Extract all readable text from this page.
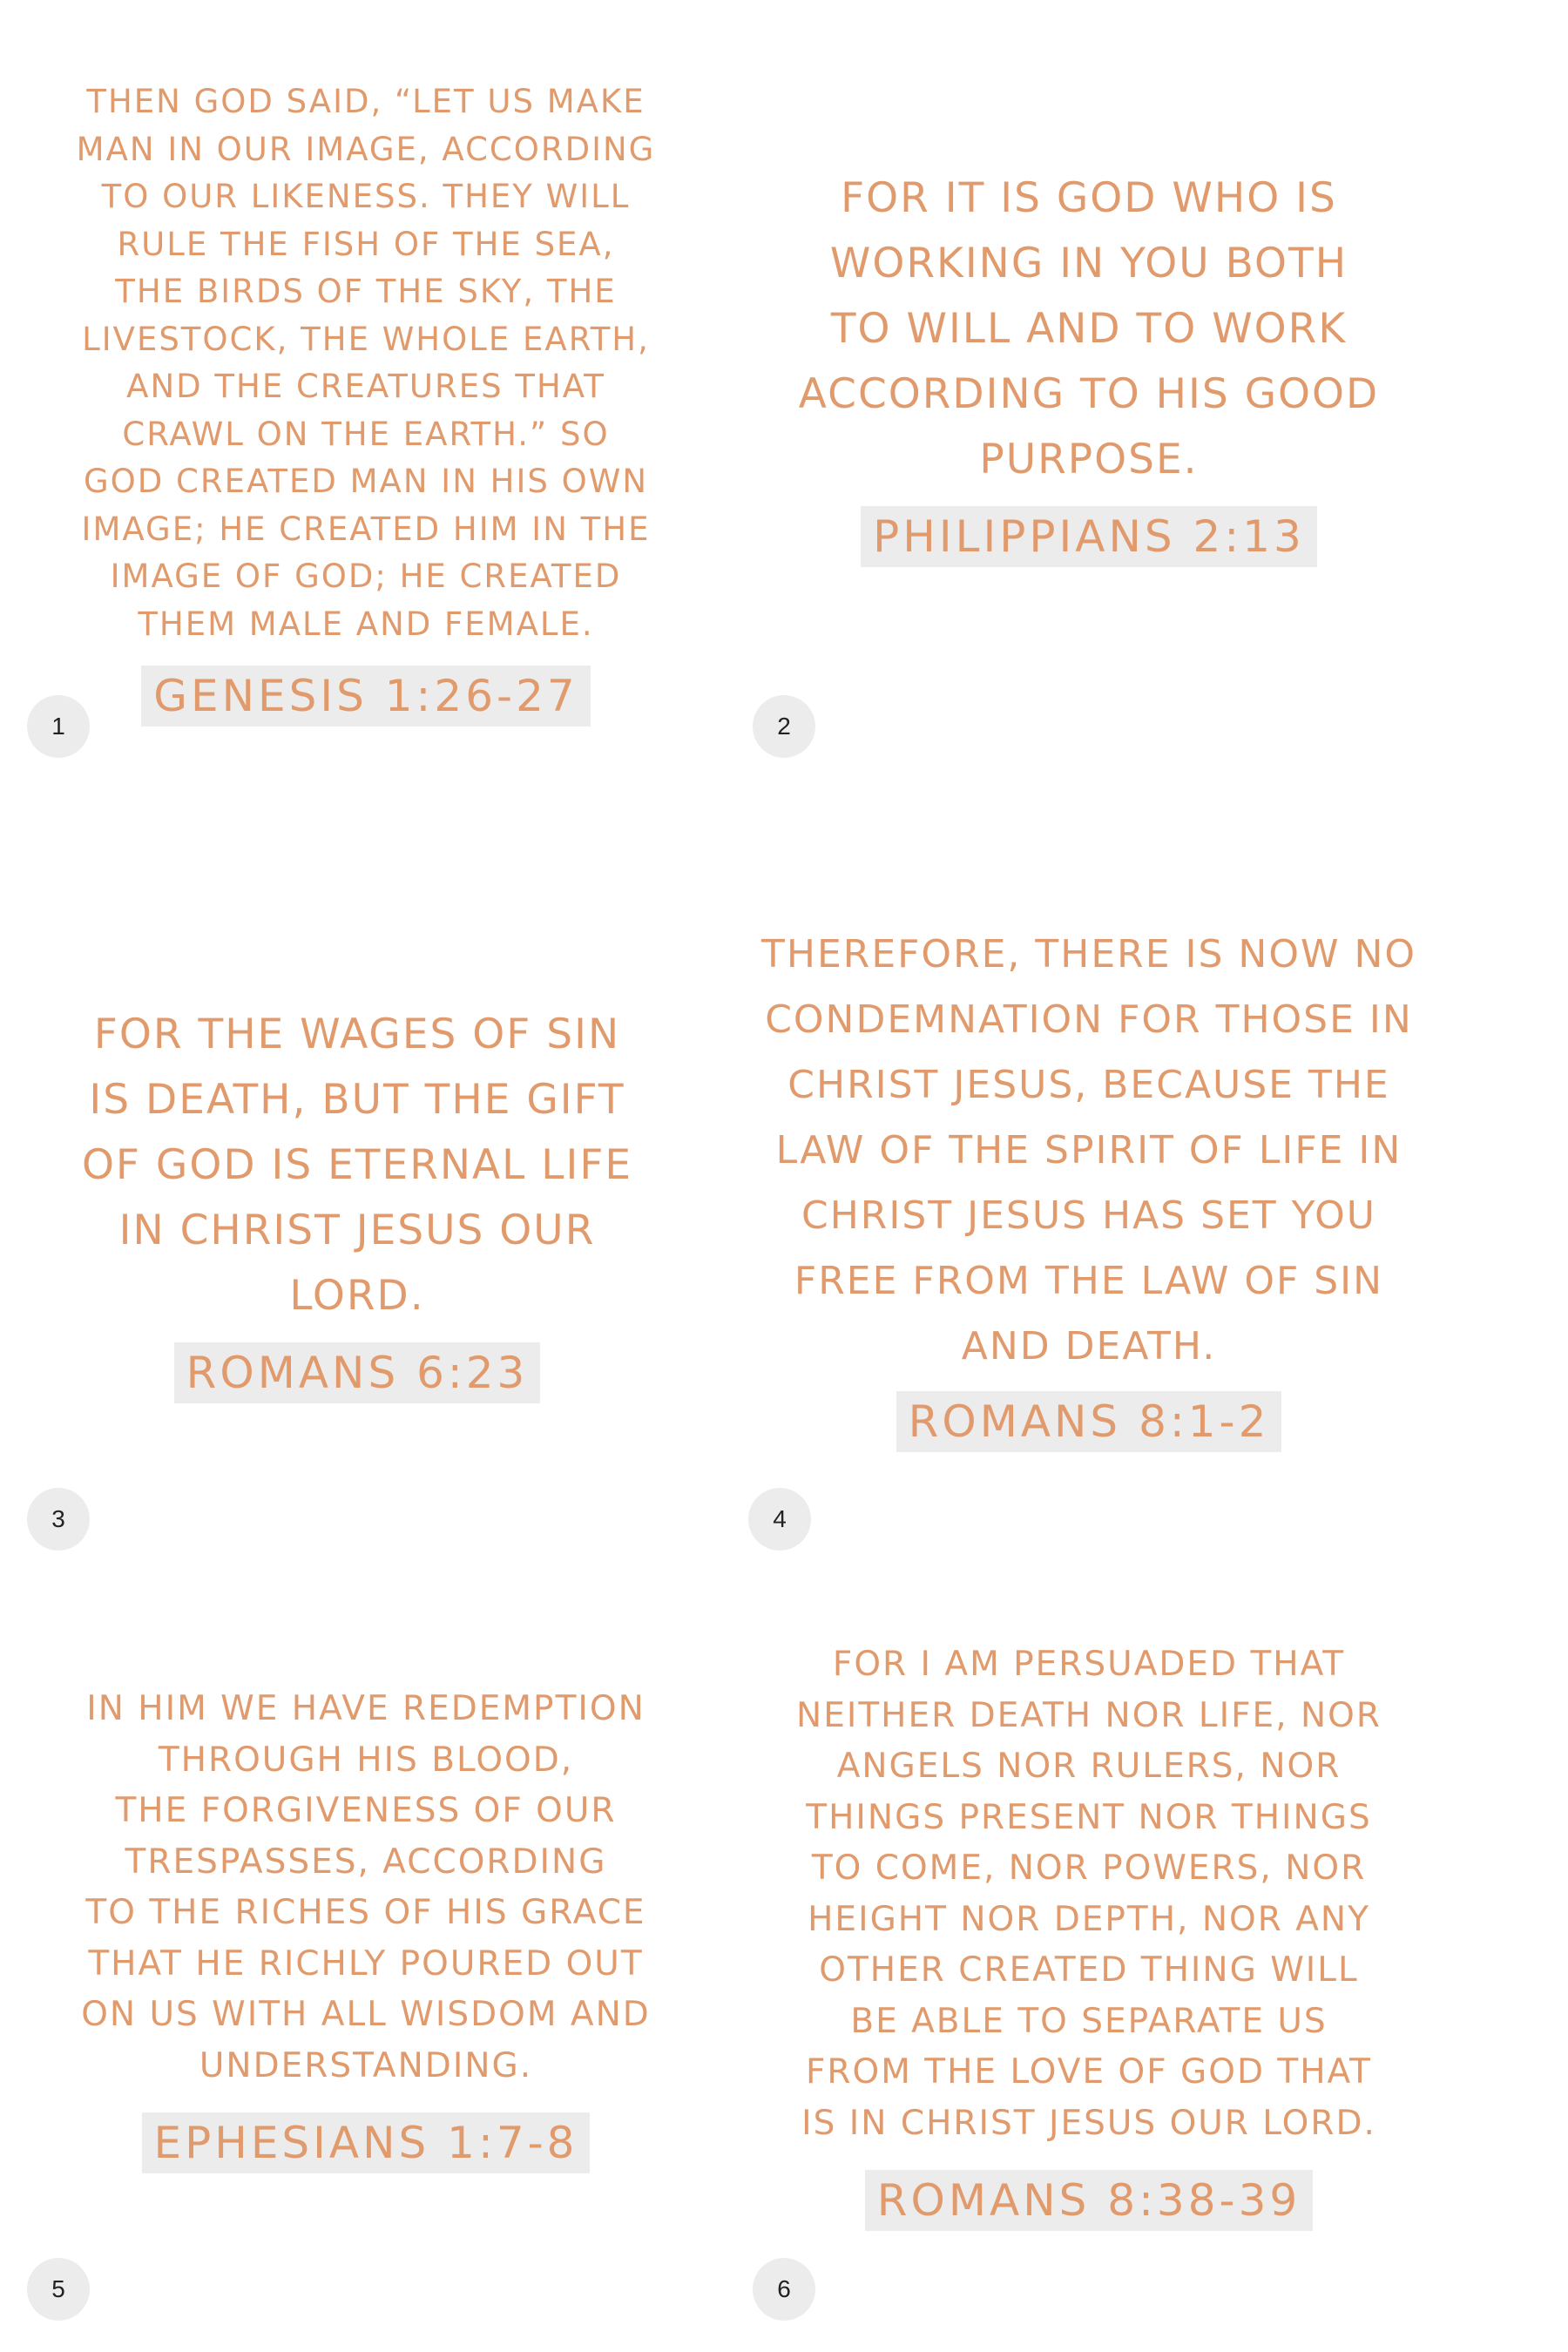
THEN GOD SAID, “LET US MAKE
MAN IN OUR IMAGE, ACCORDING
TO OUR LIKENESS. THEY WILL
RULE THE FISH OF THE SEA,
THE BIRDS OF THE SKY, THE
LIVESTOCK, THE WHOLE EARTH,
AND THE CREATURES THAT
CRAWL ON THE EARTH.” SO
GOD CREATED MAN IN HIS OWN
IMAGE; HE CREATED HIM IN THE
IMAGE OF GOD; HE CREATED
THEM MALE AND FEMALE.

GENESIS 1:26-27
1

FOR IT IS GOD WHO IS
WORKING IN YOU BOTH
TO WILL AND TO WORK
ACCORDING TO HIS GOOD
PURPOSE.

PHILIPPIANS 2:13
2

FOR THE WAGES OF SIN
IS DEATH, BUT THE GIFT
OF GOD IS ETERNAL LIFE
IN CHRIST JESUS OUR
LORD.

ROMANS 6:23
3

THEREFORE, THERE IS NOW NO
CONDEMNATION FOR THOSE IN
CHRIST JESUS, BECAUSE THE
LAW OF THE SPIRIT OF LIFE IN
CHRIST JESUS HAS SET YOU
FREE FROM THE LAW OF SIN
AND DEATH.

ROMANS 8:1-2
4

IN HIM WE HAVE REDEMPTION
THROUGH HIS BLOOD,
THE FORGIVENESS OF OUR
TRESPASSES, ACCORDING
TO THE RICHES OF HIS GRACE
THAT HE RICHLY POURED OUT
ON US WITH ALL WISDOM AND
UNDERSTANDING.

EPHESIANS 1:7-8
5

FOR I AM PERSUADED THAT
NEITHER DEATH NOR LIFE, NOR
ANGELS NOR RULERS, NOR
THINGS PRESENT NOR THINGS
TO COME, NOR POWERS, NOR
HEIGHT NOR DEPTH, NOR ANY
OTHER CREATED THING WILL
BE ABLE TO SEPARATE US
FROM THE LOVE OF GOD THAT
IS IN CHRIST JESUS OUR LORD.

ROMANS 8:38-39
6
